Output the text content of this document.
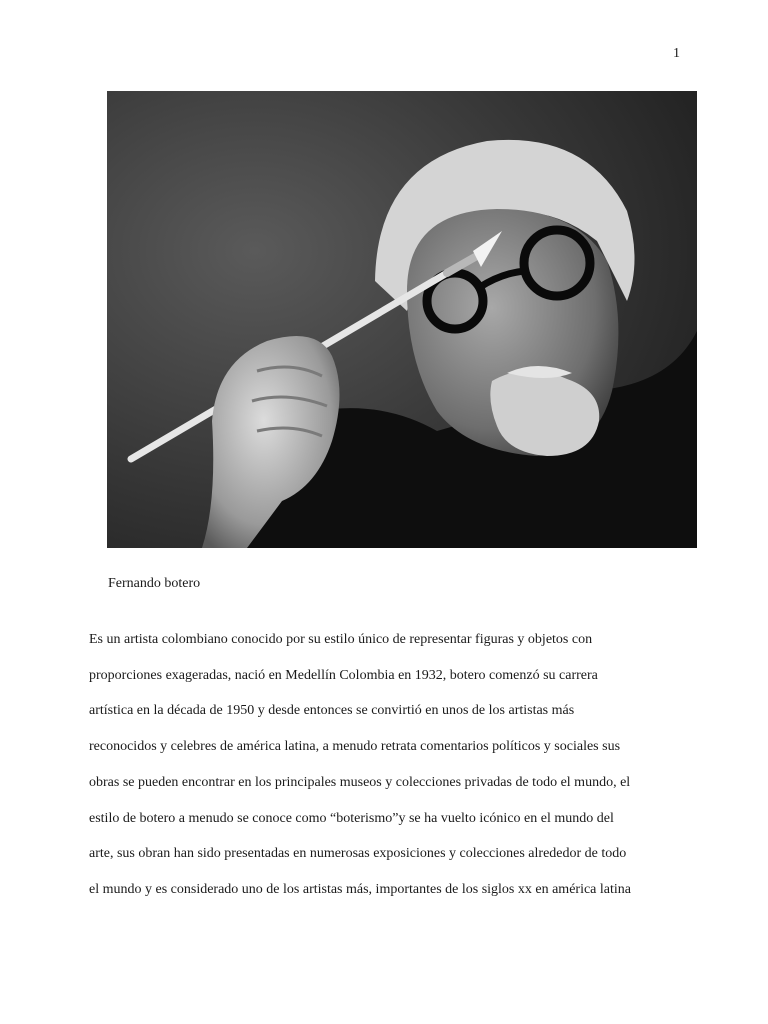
1
Fernando botero

Es un artista colombiano conocido por su estilo único de representar figuras y objetos con
proporciones exageradas, nació en Medellín Colombia en 1932, botero comenzó su carrera
artística en la década de 1950 y desde entonces se convirtió en unos de los artistas más
reconocidos y celebres de américa latina, a menudo retrata comentarios políticos y sociales sus
obras se pueden encontrar en los principales museos y colecciones privadas de todo el mundo, el
estilo de botero a menudo se conoce como “boterismo”y se ha vuelto icónico en el mundo del
arte, sus obran han sido presentadas en numerosas exposiciones y colecciones alrededor de todo
el mundo y es considerado uno de los artistas más, importantes de los siglos xx en américa latina
